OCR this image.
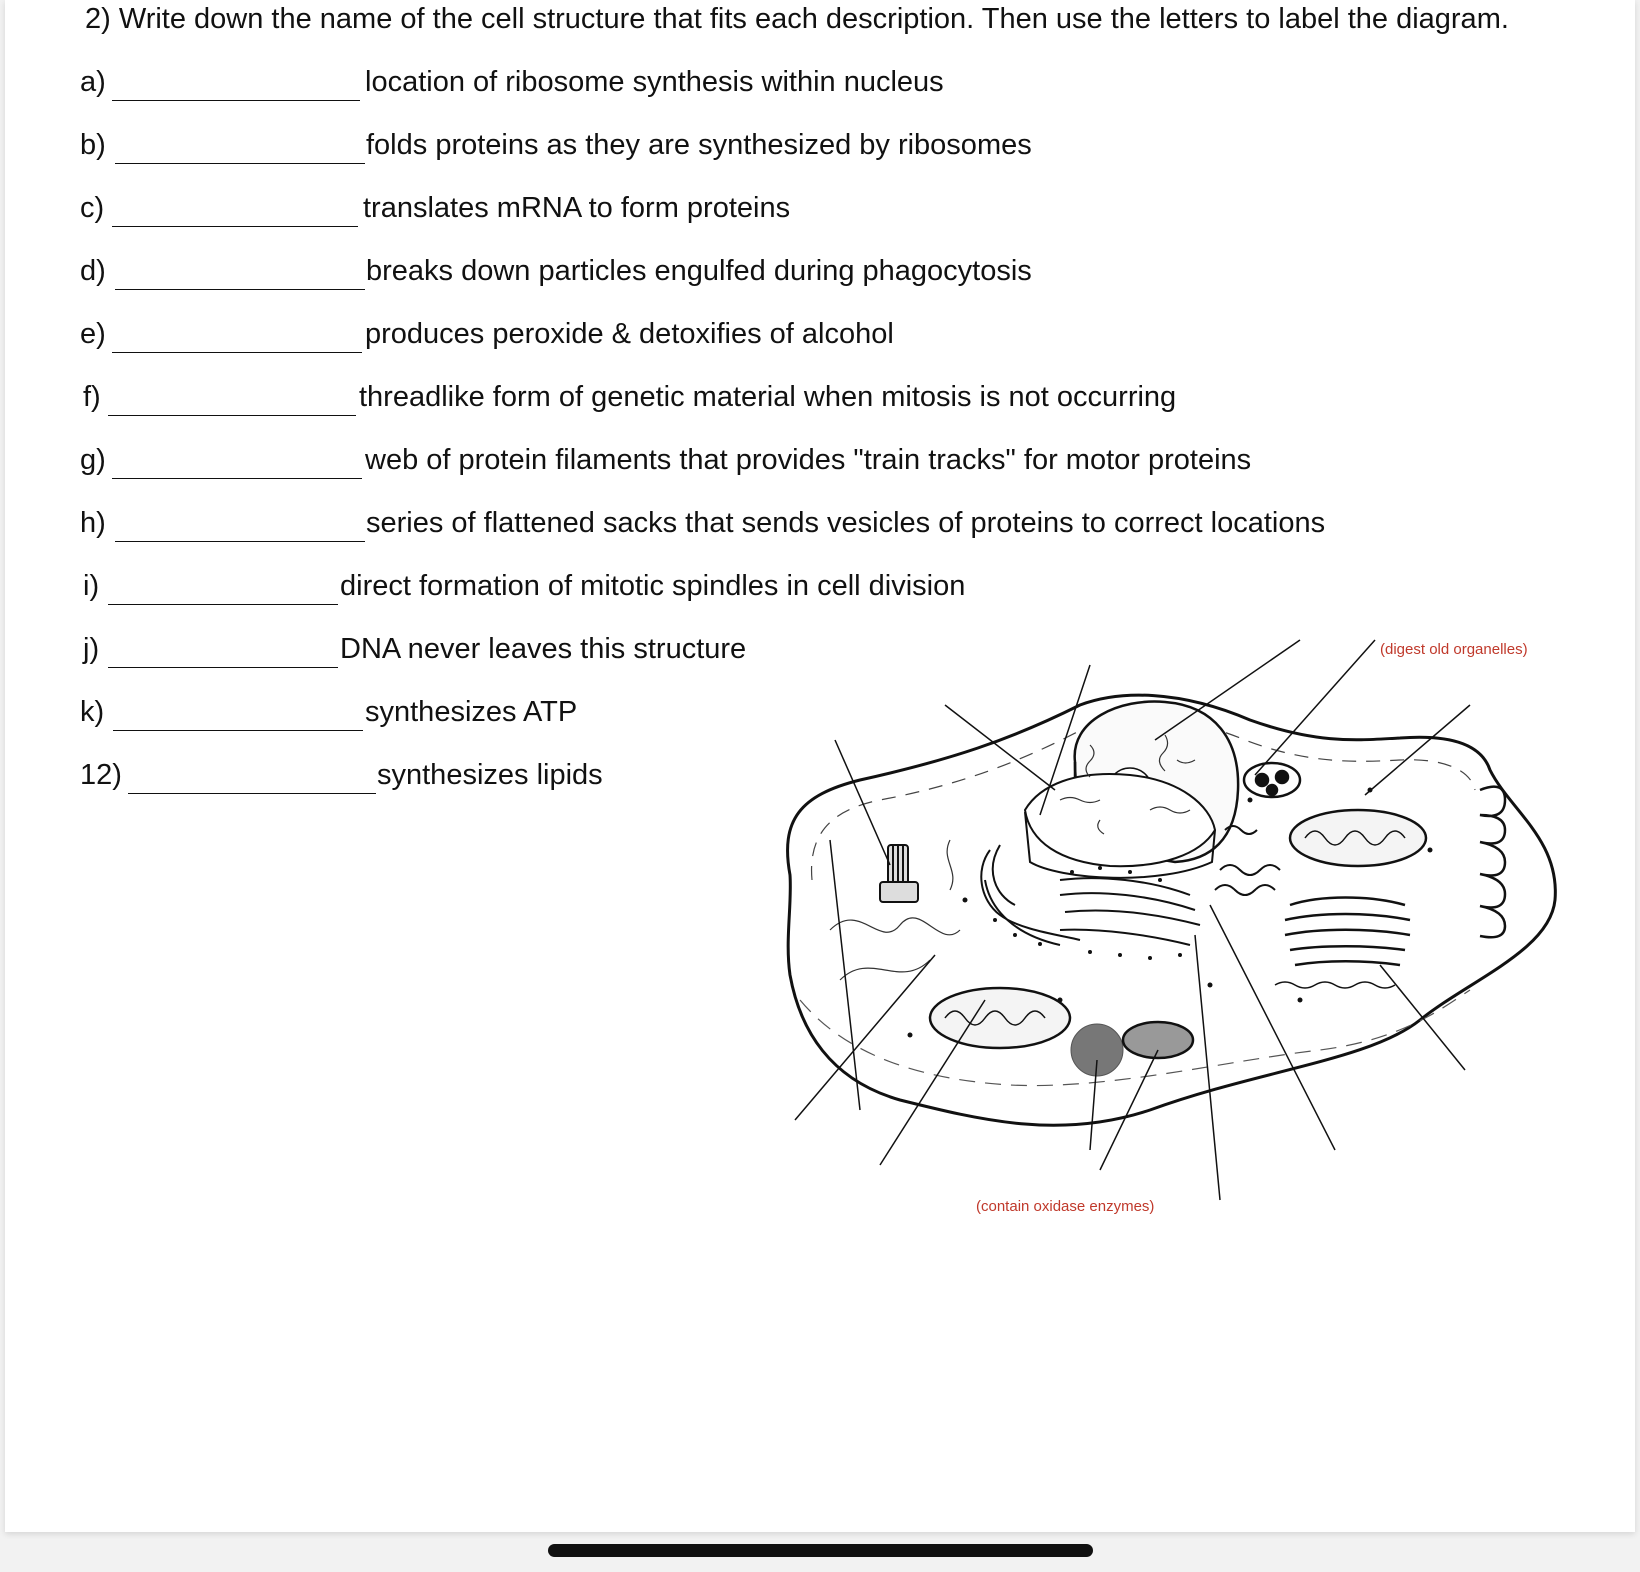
2) Write down the name of the cell structure that fits each description. Then use the letters to label the diagram.
a)	location of ribosome synthesis within nucleus
b)	folds proteins as they are synthesized by ribosomes
c)	translates mRNA to form proteins
d)	breaks down particles engulfed during phagocytosis
e)	produces peroxide & detoxifies of alcohol
f)	threadlike form of genetic material when mitosis is not occurring
g)	web of protein filaments that provides "train tracks" for motor proteins
h)	series of flattened sacks that sends vesicles of proteins to correct locations
i)	direct formation of mitotic spindles in cell division
j)	DNA never leaves this structure
k)	synthesizes ATP
12)	synthesizes lipids
(digest old organelles)
(contain oxidase enzymes)
